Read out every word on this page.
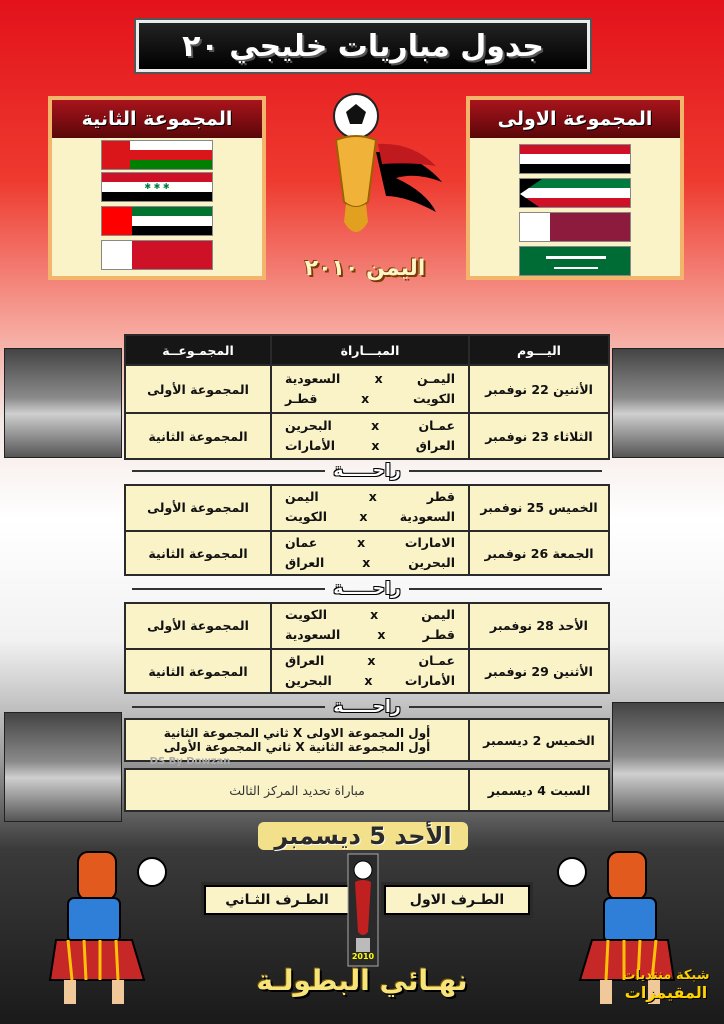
جدول مباريات خليجي ٢٠
المجموعة الاولى
المجموعة الثانية
✱ ✱ ✱
اليمن ٢٠١٠
اليـــوم
المبـــاراة
المجمـوعــة
الأثنين 22 نوفمبر
اليمـن
x
السعودية
الكويت
x
قطـر
المجموعة الأولى
الثلاثاء 23 نوفمبر
عمـان
x
البحرين
العراق
x
الأمارات
المجموعة الثانية
راحـــــة
الخميس 25 نوفمبر
قطر
x
اليمن
السعودية
x
الكويت
المجموعة الأولى
الجمعة 26 نوفمبر
الامارات
x
عمان
البحرين
x
العراق
المجموعة الثانية
راحـــــة
الأحد 28 نوفمبر
اليمن
x
الكويت
قطـر
x
السعودية
المجموعة الأولى
الأثنين 29 نوفمبر
عمـان
x
العراق
الأمارات
x
البحرين
المجموعة الثانية
راحـــــة
الخميس 2 ديسمبر
أول المجموعة الاولى X ثاني المجموعة الثانية
أول المجموعة الثانية X ثاني المجموعة الأولى
السبت 4 ديسمبر
مباراة تحديد المركز الثالث
DS By Dowzan
الأحد 5 ديسمبر
الطـرف الاول
الطـرف الثـاني
2010
نهـائي البطولـة	شبكة منتديات
المقيمزات
